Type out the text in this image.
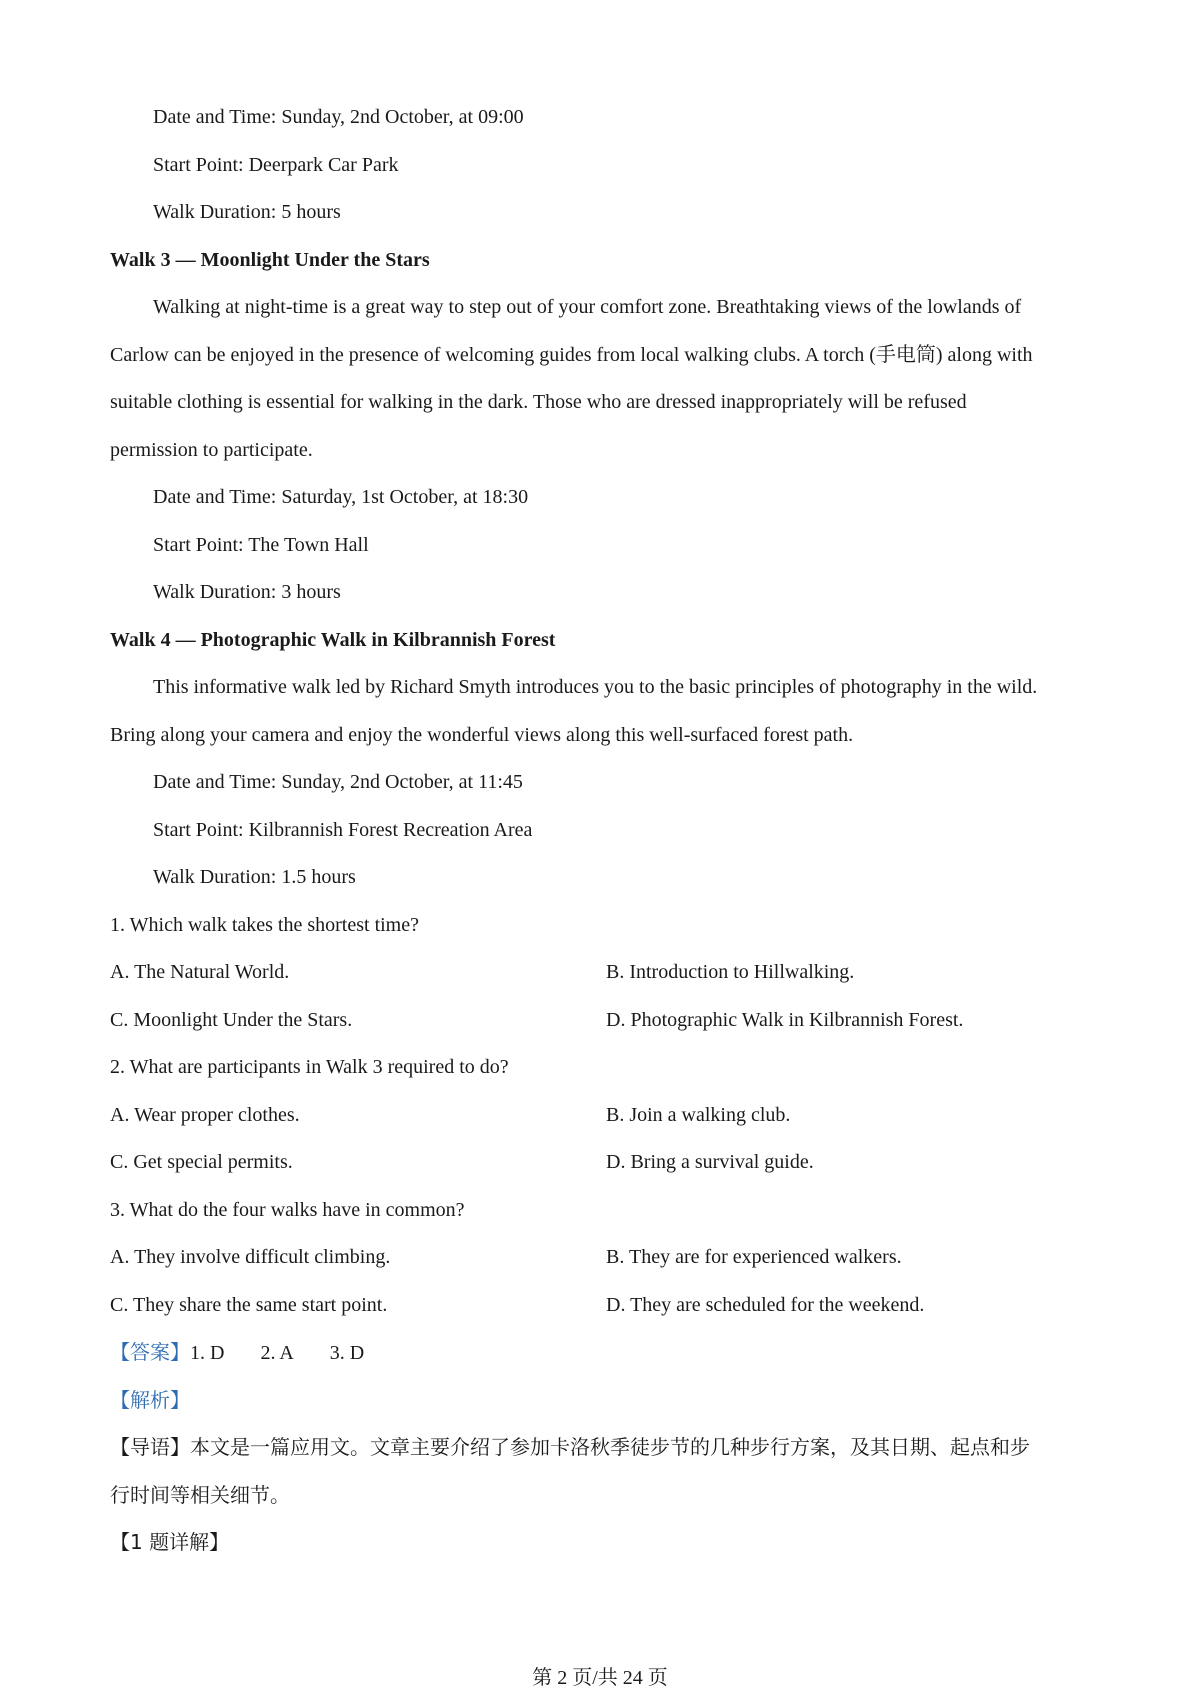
Date and Time: Sunday, 2nd October, at 09:00
Start Point: Deerpark Car Park
Walk Duration: 5 hours
Walk 3 — Moonlight Under the Stars
Walking at night-time is a great way to step out of your comfort zone. Breathtaking views of the lowlands of
Carlow can be enjoyed in the presence of welcoming guides from local walking clubs. A torch (手电筒) along with
suitable clothing is essential for walking in the dark. Those who are dressed inappropriately will be refused
permission to participate.
Date and Time: Saturday, 1st October, at 18:30
Start Point: The Town Hall
Walk Duration: 3 hours
Walk 4 — Photographic Walk in Kilbrannish Forest
This informative walk led by Richard Smyth introduces you to the basic principles of photography in the wild.
Bring along your camera and enjoy the wonderful views along this well-surfaced forest path.
Date and Time: Sunday, 2nd October, at 11:45
Start Point: Kilbrannish Forest Recreation Area
Walk Duration: 1.5 hours
1. Which walk takes the shortest time?
A. The Natural World.	B. Introduction to Hillwalking.
C. Moonlight Under the Stars.	D. Photographic Walk in Kilbrannish Forest.
2. What are participants in Walk 3 required to do?
A. Wear proper clothes.	B. Join a walking club.
C. Get special permits.	D. Bring a survival guide.
3. What do the four walks have in common?
A. They involve difficult climbing.	B. They are for experienced walkers.
C. They share the same start point.	D. They are scheduled for the weekend.
【答案】1. D 2. A 3. D
【解析】
【导语】本文是一篇应用文。文章主要介绍了参加卡洛秋季徒步节的几种步行方案，及其日期、起点和步
行时间等相关细节。
【1 题详解】
第 2 页/共 24 页
